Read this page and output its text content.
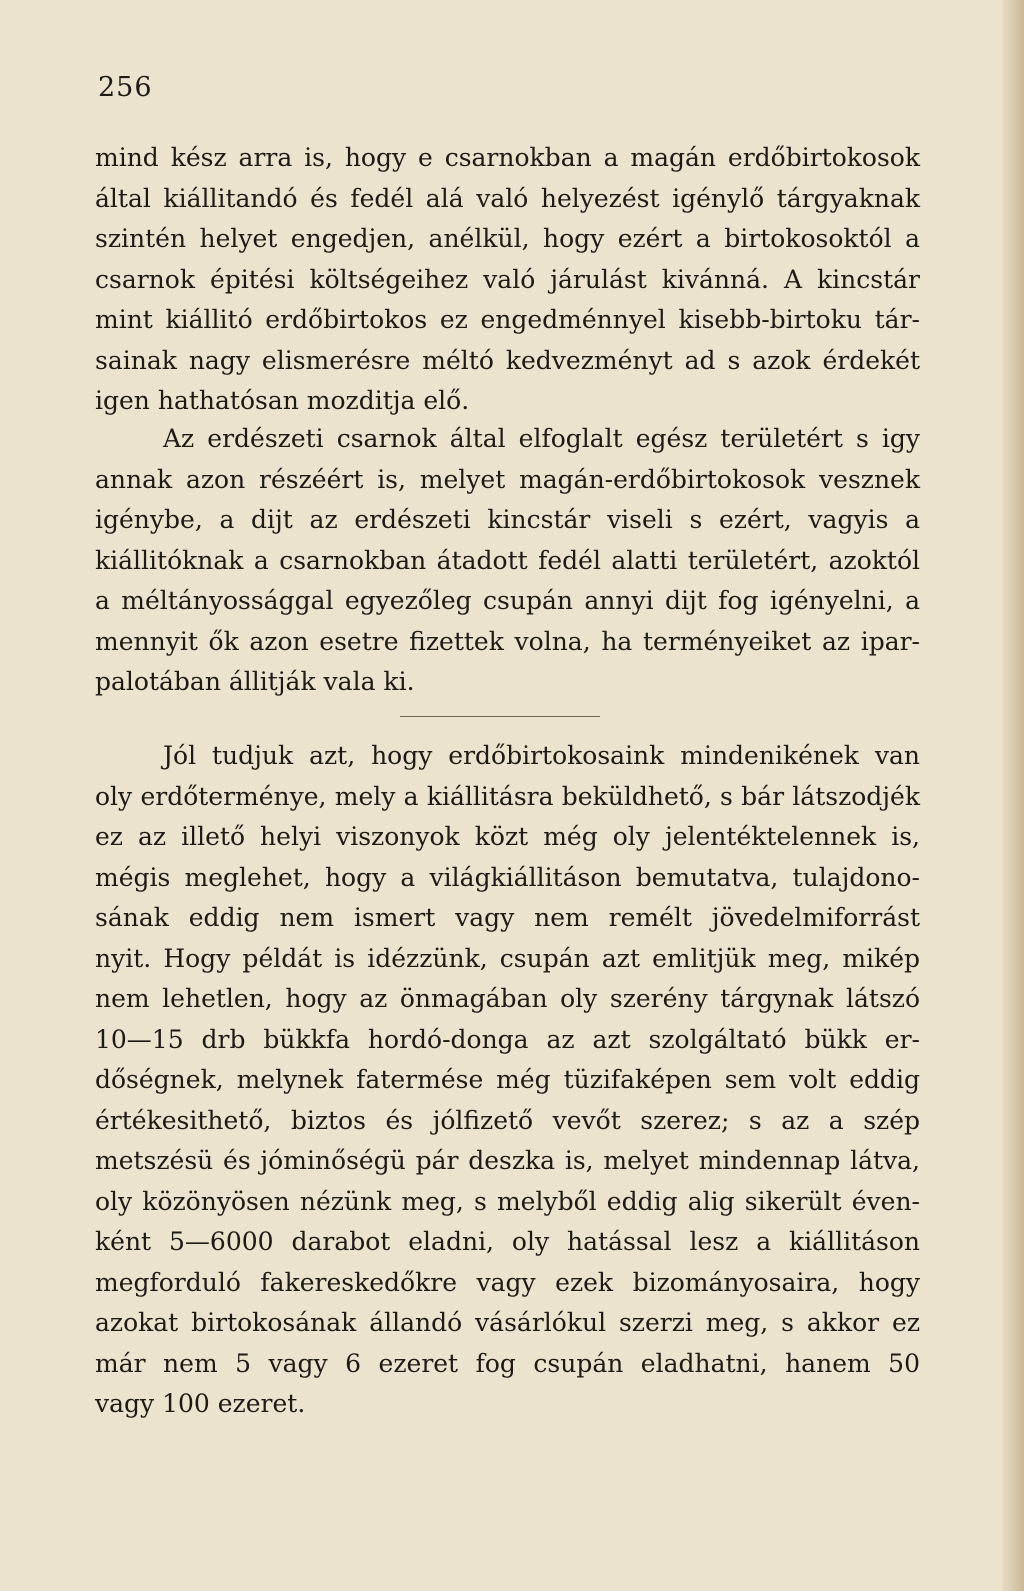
256
mind kész arra is, hogy e csarnokban a magán erdőbirtokosok
által kiállitandó és fedél alá való helyezést igénylő tárgyaknak
szintén helyet engedjen, anélkül, hogy ezért a birtokosoktól a
csarnok épitési költségeihez való járulást kivánná. A kincstár
mint kiállitó erdőbirtokos ez engedménnyel kisebb-birtoku tár-
sainak nagy elismerésre méltó kedvezményt ad s azok érdekét
igen hathatósan mozditja elő.
Az erdészeti csarnok által elfoglalt egész területért s igy
annak azon részéért is, melyet magán-erdőbirtokosok vesznek
igénybe, a dijt az erdészeti kincstár viseli s ezért, vagyis a
kiállitóknak a csarnokban átadott fedél alatti területért, azoktól
a méltányossággal egyezőleg csupán annyi dijt fog igényelni, a
mennyit ők azon esetre fizettek volna, ha terményeiket az ipar-
palotában állitják vala ki.
Jól tudjuk azt, hogy erdőbirtokosaink mindenikének van
oly erdőterménye, mely a kiállitásra beküldhető, s bár látszodjék
ez az illető helyi viszonyok közt még oly jelentéktelennek is,
mégis meglehet, hogy a világkiállitáson bemutatva, tulajdono-
sának eddig nem ismert vagy nem remélt jövedelmiforrást
nyit. Hogy példát is idézzünk, csupán azt emlitjük meg, mikép
nem lehetlen, hogy az önmagában oly szerény tárgynak látszó
10—15 drb bükkfa hordó-donga az azt szolgáltató bükk er-
dőségnek, melynek fatermése még tüzifaképen sem volt eddig
értékesithető, biztos és jólfizető vevőt szerez; s az a szép
metszésü és jóminőségü pár deszka is, melyet mindennap látva,
oly közönyösen nézünk meg, s melyből eddig alig sikerült éven-
ként 5—6000 darabot eladni, oly hatással lesz a kiállitáson
megforduló fakereskedőkre vagy ezek bizományosaira, hogy
azokat birtokosának állandó vásárlókul szerzi meg, s akkor ez
már nem 5 vagy 6 ezeret fog csupán eladhatni, hanem 50
vagy 100 ezeret.
